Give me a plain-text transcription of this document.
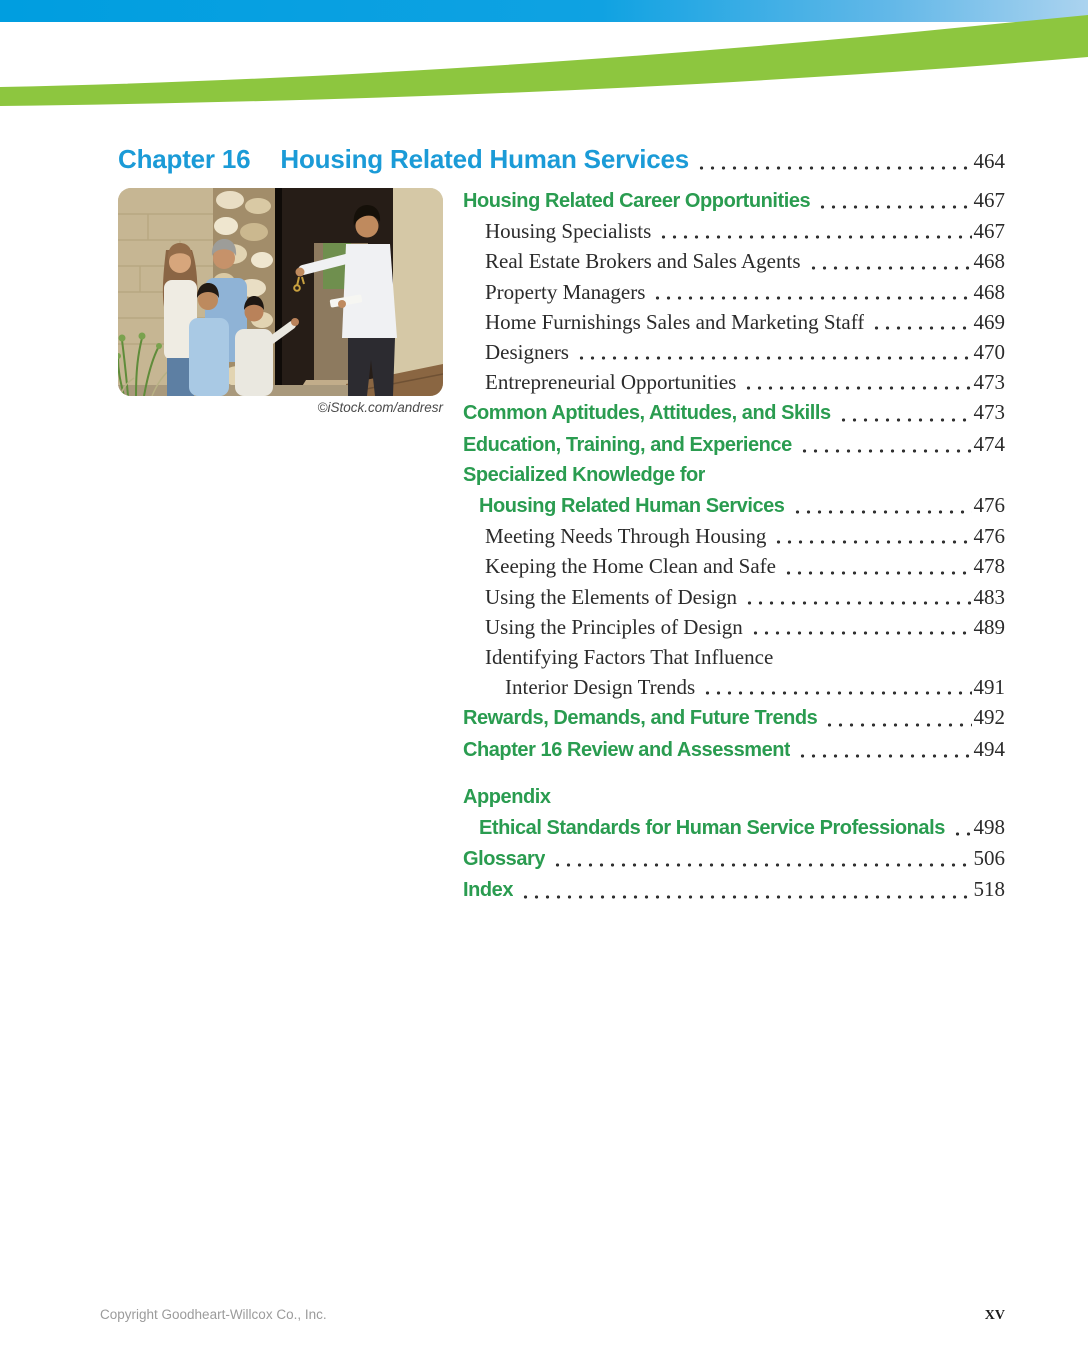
Chapter 16 Housing Related Human Services	464
©iStock.com/andresr
Housing Related Career Opportunities	467
Housing Specialists	467
Real Estate Brokers and Sales Agents	468
Property Managers	468
Home Furnishings Sales and Marketing Staff	469
Designers	470
Entrepreneurial Opportunities	473
Common Aptitudes, Attitudes, and Skills	473
Education, Training, and Experience	474
Specialized Knowledge for
Housing Related Human Services	476
Meeting Needs Through Housing	476
Keeping the Home Clean and Safe	478
Using the Elements of Design	483
Using the Principles of Design	489
Identifying Factors That Influence
Interior Design Trends	491
Rewards, Demands, and Future Trends	492
Chapter 16 Review and Assessment	494
Appendix
Ethical Standards for Human Service Professionals 498
Glossary	506
Index	518
Copyright Goodheart-Willcox Co., Inc.	xv
